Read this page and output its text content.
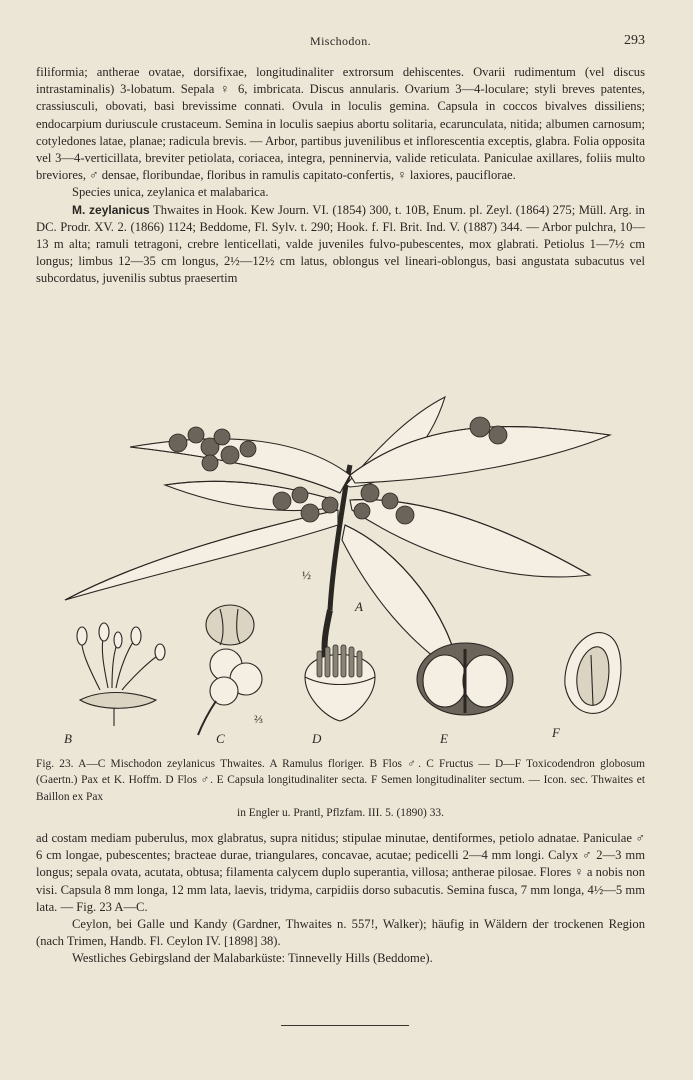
Mischodon.	293

filiformia; antherae ovatae, dorsifixae, longitudinaliter extrorsum dehiscentes. Ovarii rudimentum (vel discus intrastaminalis) 3-lobatum. Sepala ♀ 6, imbricata. Discus annularis. Ovarium 3—4-loculare; styli breves patentes, crassiusculi, obovati, basi brevissime connati. Ovula in loculis gemina. Capsula in coccos bivalves dissiliens; endocarpium duriuscule crustaceum. Semina in loculis saepius abortu solitaria, ecarunculata, nitida; albumen carnosum; cotyledones latae, planae; radicula brevis. — Arbor, partibus juvenilibus et inflorescentia exceptis, glabra. Folia opposita vel 3—4-verticillata, breviter petiolata, coriacea, integra, penninervia, valide reticulata. Paniculae axillares, foliis multo breviores, ♂ densae, floribundae, floribus in ramulis capitato-confertis, ♀ laxiores, pauciflorae.

Species unica, zeylanica et malabarica.

M. zeylanicus Thwaites in Hook. Kew Journ. VI. (1854) 300, t. 10B, Enum. pl. Zeyl. (1864) 275; Müll. Arg. in DC. Prodr. XV. 2. (1866) 1124; Beddome, Fl. Sylv. t. 290; Hook. f. Fl. Brit. Ind. V. (1887) 344. — Arbor pulchra, 10—13 m alta; ramuli tetragoni, crebre lenticellati, valde juveniles fulvo-pubescentes, mox glabrati. Petiolus 1—7½ cm longus; limbus 12—35 cm longus, 2½—12½ cm latus, oblongus vel lineari-oblongus, basi angustata subacutus vel subcordatus, juvenilis subtus praesertim

½
⅔
A
B	C	D	E	F

Fig. 23. A—C Mischodon zeylanicus Thwaites. A Ramulus floriger. B Flos ♂. C Fructus — D—F Toxicodendron globosum (Gaertn.) Pax et K. Hoffm. D Flos ♂. E Capsula longitudinaliter secta. F Semen longitudinaliter sectum. — Icon. sec. Thwaites et Baillon ex Pax

in Engler u. Prantl, Pflzfam. III. 5. (1890) 33.

ad costam mediam puberulus, mox glabratus, supra nitidus; stipulae minutae, dentiformes, petiolo adnatae. Paniculae ♂ 6 cm longae, pubescentes; bracteae durae, triangulares, concavae, acutae; pedicelli 2—4 mm longi. Calyx ♂ 2—3 mm longus; sepala ovata, acutata, obtusa; filamenta calycem duplo superantia, villosa; antherae pilosae. Flores ♀ a nobis non visi. Capsula 8 mm longa, 12 mm lata, laevis, tridyma, carpidiis dorso subacutis. Semina fusca, 7 mm longa, 4½—5 mm lata. — Fig. 23 A—C.

Ceylon, bei Galle und Kandy (Gardner, Thwaites n. 557!, Walker); häufig in Wäldern der trockenen Region (nach Trimen, Handb. Fl. Ceylon IV. [1898] 38).

Westliches Gebirgsland der Malabarküste: Tinnevelly Hills (Beddome).
